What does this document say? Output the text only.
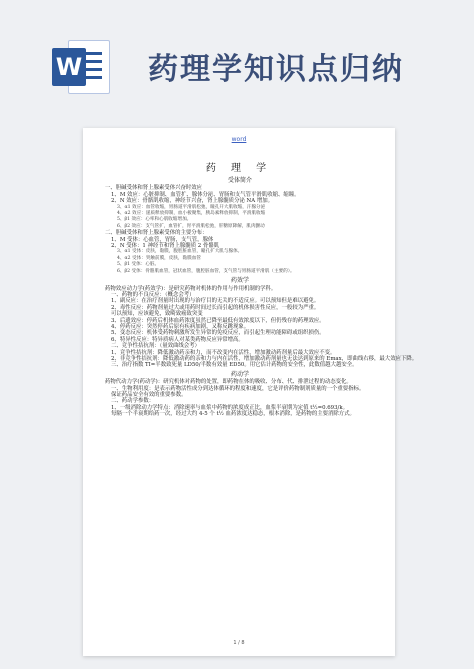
W 药理学知识点归纳
word
药 理 学
受体简介
一、胆碱受体和肾上腺素受体兴奋时效应
1、M 效应：心脏抑制、血管扩、腺体分泌、胃肠和支气管平滑肌收缩、缩瞳。
2、N 效应：骨骼肌收缩，神经节兴奋，肾上腺髓质分泌 NA 增加。
3、α1 效应：血管收缩，胃肠道平滑肌松弛，瞳孔开大肌收缩，汗腺分泌
4、α2 效应：递质释放抑制，血小板聚集，胰岛素释放抑制，平滑肌收缩
5、β1 效应：心率和心肌收缩增加。
6、β2 效应：支气管扩，血管扩，胃平滑肌松弛，肝糖原降解，肌肉颤动
二、胆碱受体和肾上腺素受体的主要分布：
1、M 受体：心血管，胃肠，支气管，腺体
2、N 受体：1 神经节和肾上腺髓质 2 骨骼肌
3、α1 受体：皮肤，黏膜，腹腔脏血管，瞳孔扩大肌与腺体。
4、α2 受体：突触前膜，皮肤，黏膜血管
5、β1 受体：心脏。
6、β2 受体：骨骼肌血管，冠状血管，腹腔脏血管，支气管与胃肠道平滑肌（主要的）。
药效学
药物效应动力学(药效学)：是研究药物对机体的作用与作用机制的学科。
一、药物的不良反应：（概念会考）
1、副反应：在治疗剂量时出现的与治疗目的无关的不适反应。可以预知但是难以避免。
2、毒性反应：药物剂量过大或用药时间过长而引起的机体损害性反应，一般较为严重。
可以预知，应该避免，致畸致癌致突变
3、后遗效应：停药后机体血药浓度虽然已降至最低有效浓度以下，但仍残存的药理效应。
4、停药反应：突然停药后原有疾病加剧，又称反跳现象。
5、变态反应：机体受药物刺激所发生异常的免疫反应，而引起生理功能障碍或组织损伤。
6、特异性反应：特异质病人对某类药物反应异常增高。
二、竞争性拮抗剂：（量效曲线会考）
1、竞争性拮抗剂：降低激动药亲和力，而不改变内在活性，增加激动药剂量后最大效应不变。
2、非竞争性拮抗剂：降低激动药的亲和力与内在活性，增加激动药剂量也无法达到原来的 Emax，即曲线右移，最大效应下降。
三、治疗指数 TI=半数致死量 LD50/半数有效量 ED50。用它估计药物的安全性，此数值越大越安全。
药动学
药物代动力学(药动学)：研究机体对药物的处置，即药物在体的吸收、分布、代、排泄过程的动态变化。
一、生物利用度：是表示药物活性成分到达体循环的程度和速度，它是评价药物制剂质量的一个重要指标。
保证药品安全有效的重要参数。
二、药动学参数：
1、一级消除动力学特点：消除速率与血浆中药物的浓度成正比，血浆半衰期为定值 t½=0.693/k。
每隔一个半衰期给药一次，经过大约 4-5 个 t½ 血药浓度达稳态，根本消除，是药物的主要消除方式。
1 / 8
